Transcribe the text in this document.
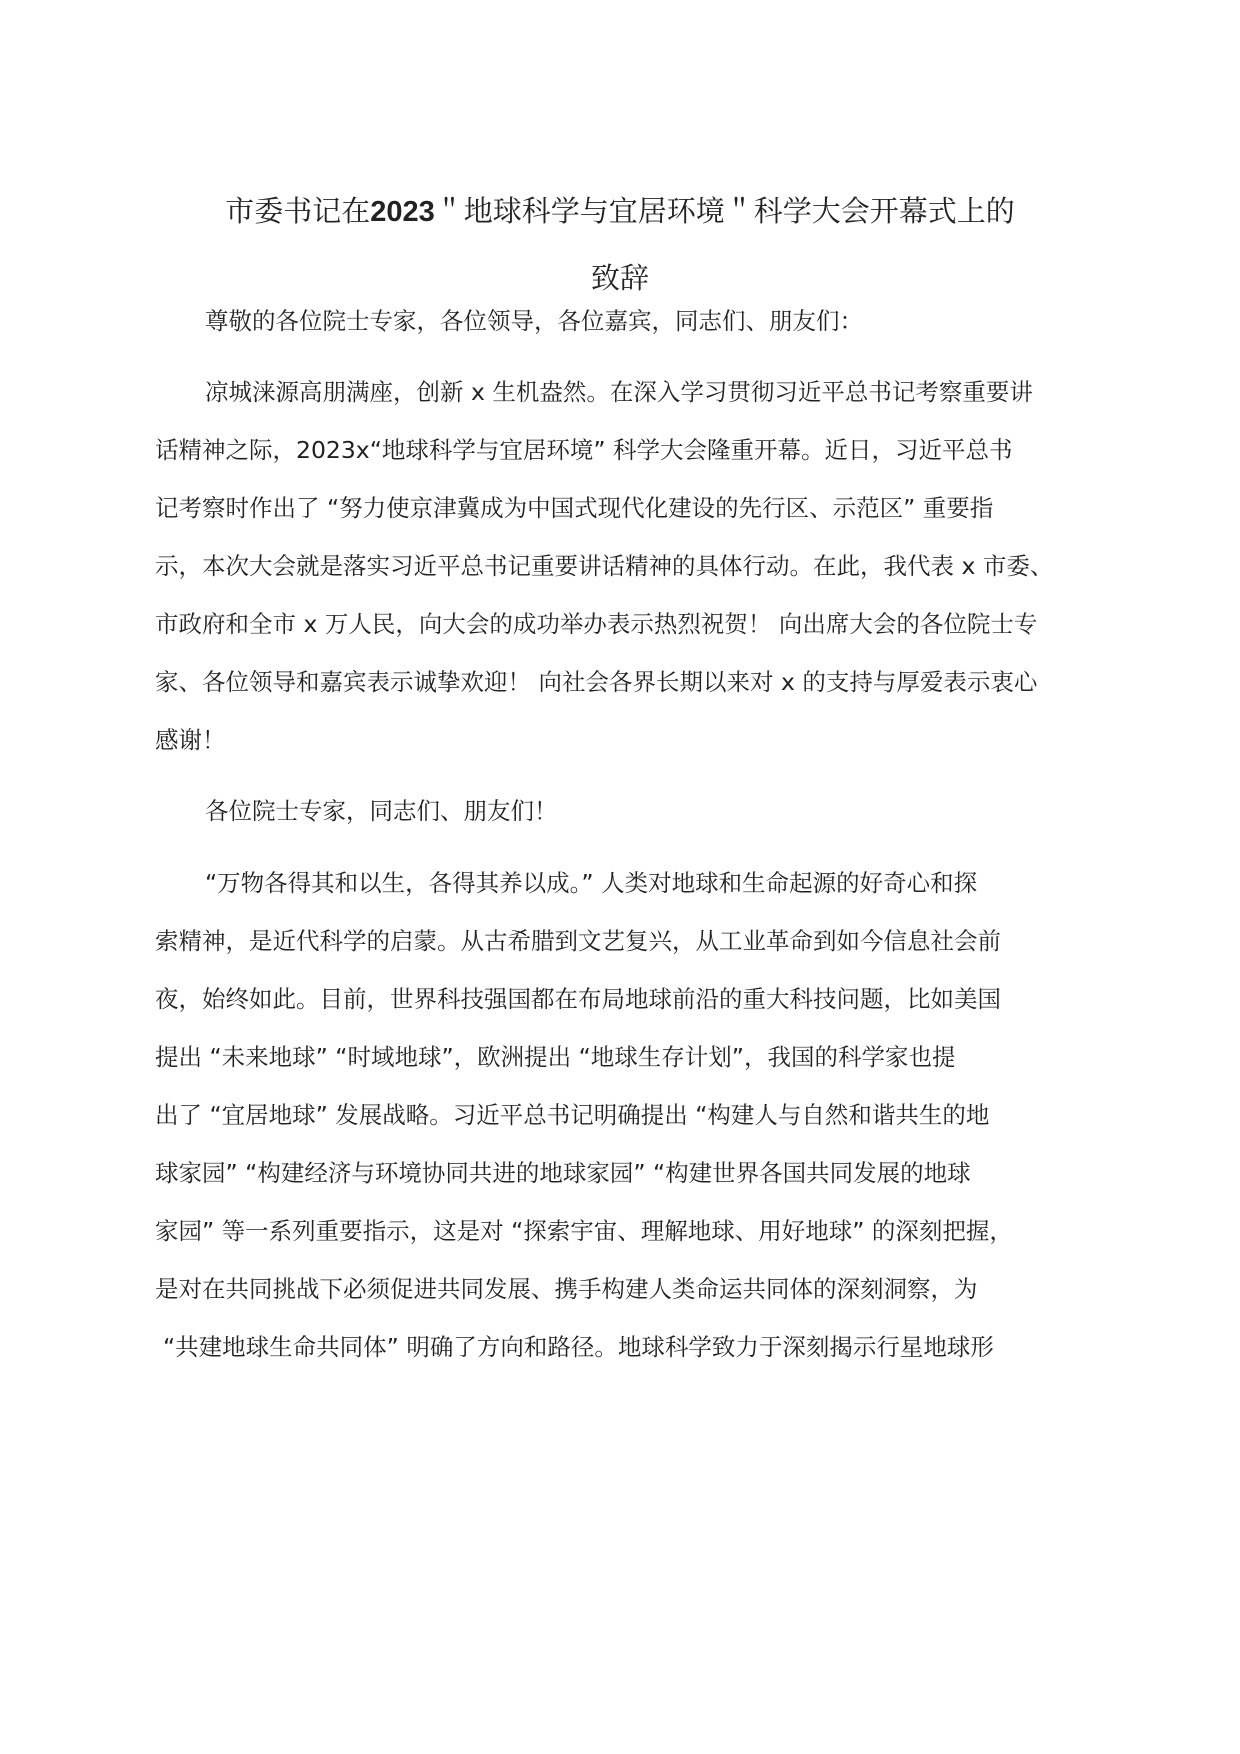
市委书记在2023＂地球科学与宜居环境＂科学大会开幕式上的
致辞

尊敬的各位院士专家，各位领导，各位嘉宾，同志们、朋友们：

凉城涞源高朋满座，创新 x 生机盎然。在深入学习贯彻习近平总书记考察重要讲

话精神之际，2023x“地球科学与宜居环境” 科学大会隆重开幕。近日，习近平总书

记考察时作出了 “努力使京津冀成为中国式现代化建设的先行区、示范区” 重要指

示，本次大会就是落实习近平总书记重要讲话精神的具体行动。在此，我代表 x 市委、

市政府和全市 x 万人民，向大会的成功举办表示热烈祝贺！ 向出席大会的各位院士专

家、各位领导和嘉宾表示诚挚欢迎！ 向社会各界长期以来对 x 的支持与厚爱表示衷心

感谢！

各位院士专家，同志们、朋友们！

“万物各得其和以生，各得其养以成。” 人类对地球和生命起源的好奇心和探

索精神，是近代科学的启蒙。从古希腊到文艺复兴，从工业革命到如今信息社会前

夜，始终如此。目前，世界科技强国都在布局地球前沿的重大科技问题，比如美国

提出 “未来地球” “时域地球”，欧洲提出 “地球生存计划”，我国的科学家也提

出了 “宜居地球” 发展战略。习近平总书记明确提出 “构建人与自然和谐共生的地

球家园” “构建经济与环境协同共进的地球家园” “构建世界各国共同发展的地球

家园” 等一系列重要指示，这是对 “探索宇宙、理解地球、用好地球” 的深刻把握，

是对在共同挑战下必须促进共同发展、携手构建人类命运共同体的深刻洞察，为

“共建地球生命共同体” 明确了方向和路径。地球科学致力于深刻揭示行星地球形
